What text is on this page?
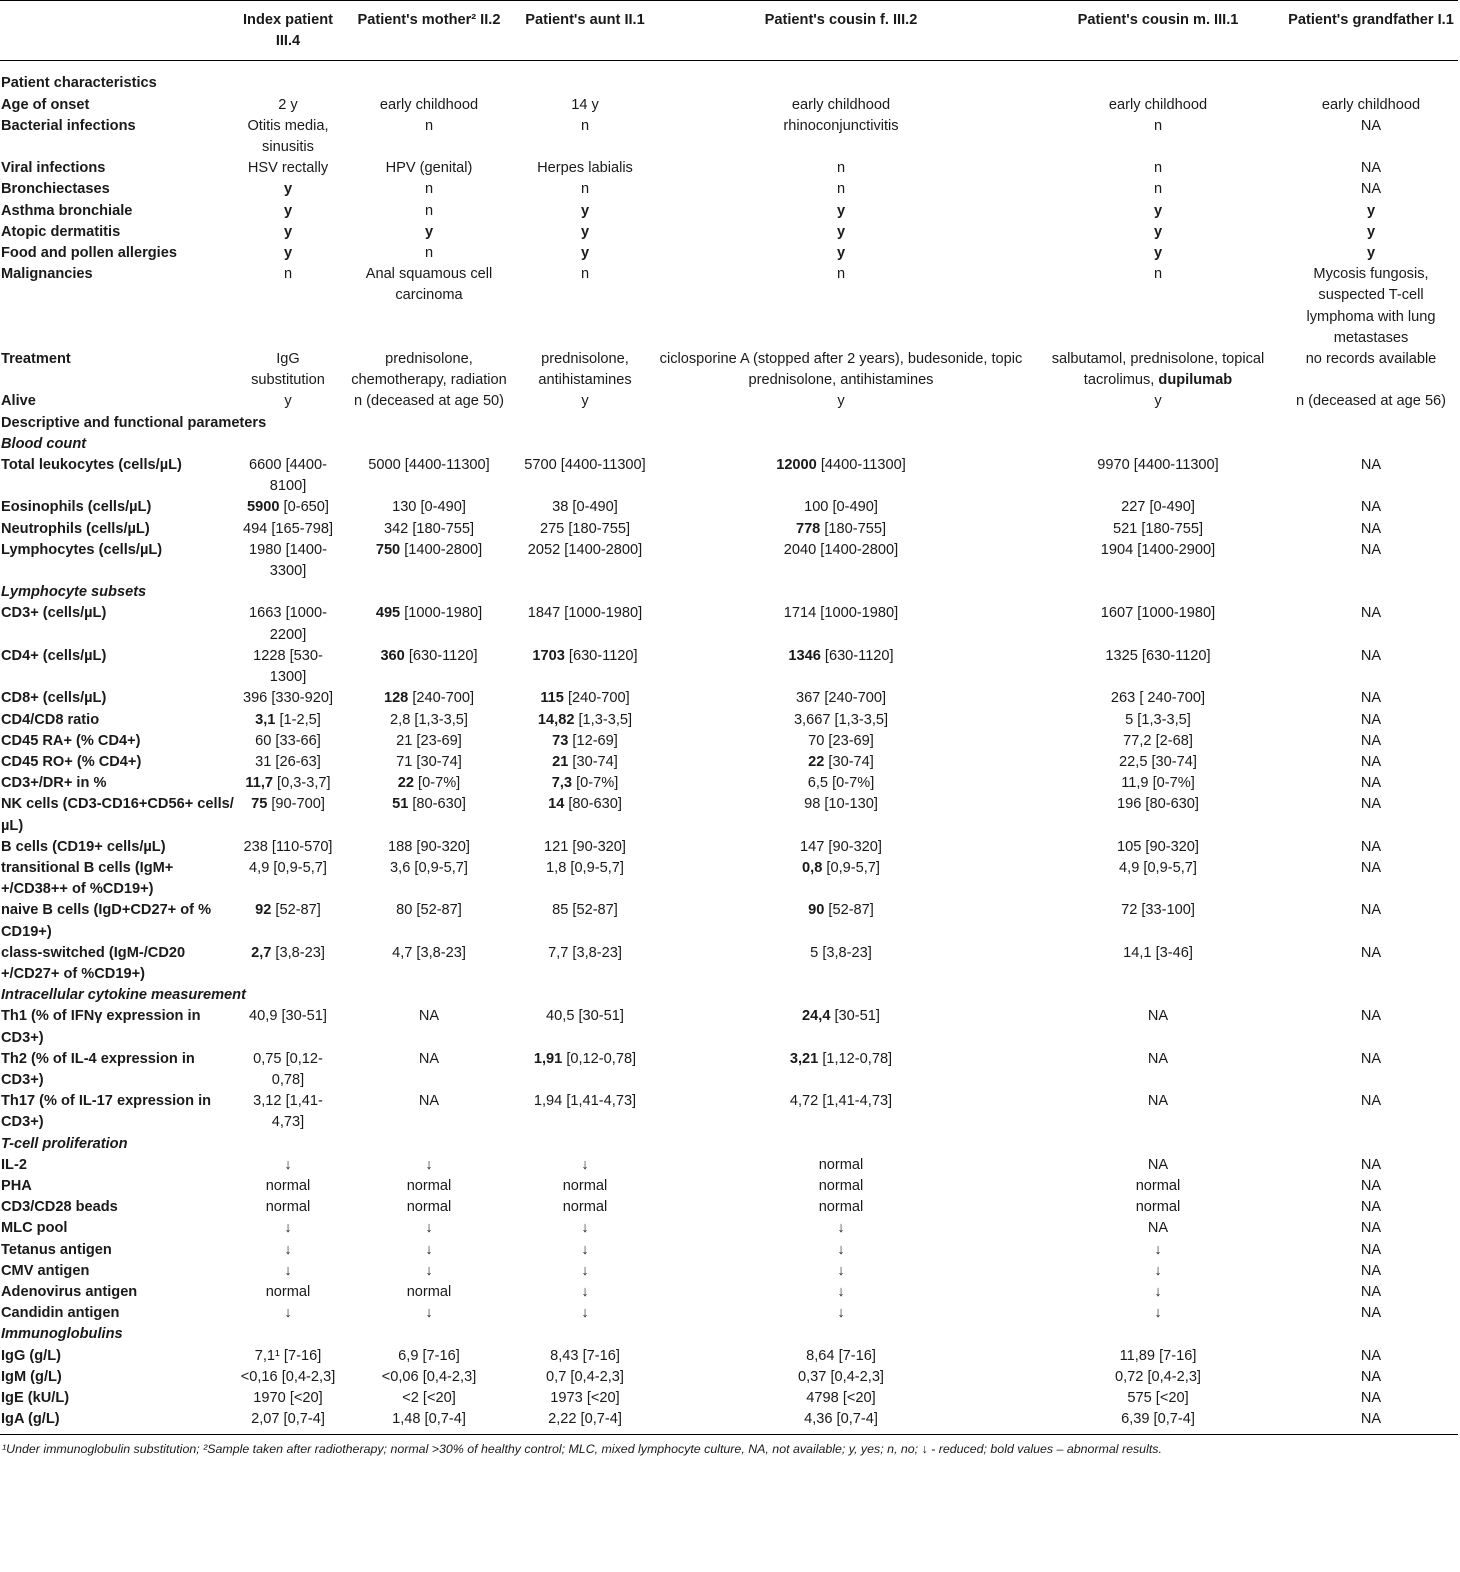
	Index patient III.4	Patient's mother² II.2	Patient's aunt II.1	Patient's cousin f. III.2	Patient's cousin m. III.1	Patient's grandfather I.1

Patient characteristics						
Age of onset	2 y	early childhood	14 y	early childhood	early childhood	early childhood
Bacterial infections	Otitis media, sinusitis	n	n	rhinoconjunctivitis	n	NA
Viral infections	HSV rectally	HPV (genital)	Herpes labialis	n	n	NA
Bronchiectases	y	n	n	n	n	NA
Asthma bronchiale	y	n	y	y	y	y
Atopic dermatitis	y	y	y	y	y	y
Food and pollen allergies	y	n	y	y	y	y
Malignancies	n	Anal squamous cell carcinoma	n	n	n	Mycosis fungosis, suspected T-cell lymphoma with lung metastases
Treatment	IgG substitution	prednisolone, chemotherapy, radiation	prednisolone, antihistamines	ciclosporine A (stopped after 2 years), budesonide, topic prednisolone, antihistamines	salbutamol, prednisolone, topical tacrolimus, dupilumab	no records available
Alive	y	n (deceased at age 50)	y	y	y	n (deceased at age 56)
Descriptive and functional parameters						
Blood count						
Total leukocytes (cells/µL)	6600 [4400-8100]	5000 [4400-11300]	5700 [4400-11300]	12000 [4400-11300]	9970 [4400-11300]	NA
Eosinophils (cells/µL)	5900 [0-650]	130 [0-490]	38 [0-490]	100 [0-490]	227 [0-490]	NA
Neutrophils (cells/µL)	494 [165-798]	342 [180-755]	275 [180-755]	778 [180-755]	521 [180-755]	NA
Lymphocytes (cells/µL)	1980 [1400-3300]	750 [1400-2800]	2052 [1400-2800]	2040 [1400-2800]	1904 [1400-2900]	NA
Lymphocyte subsets						
CD3+ (cells/µL)	1663 [1000-2200]	495 [1000-1980]	1847 [1000-1980]	1714 [1000-1980]	1607 [1000-1980]	NA
CD4+ (cells/µL)	1228 [530-1300]	360 [630-1120]	1703 [630-1120]	1346 [630-1120]	1325 [630-1120]	NA
CD8+ (cells/µL)	396 [330-920]	128 [240-700]	115 [240-700]	367 [240-700]	263 [ 240-700]	NA
CD4/CD8 ratio	3,1 [1-2,5]	2,8 [1,3-3,5]	14,82 [1,3-3,5]	3,667 [1,3-3,5]	5 [1,3-3,5]	NA
CD45 RA+ (% CD4+)	60 [33-66]	21 [23-69]	73 [12-69]	70 [23-69]	77,2 [2-68]	NA
CD45 RO+ (% CD4+)	31 [26-63]	71 [30-74]	21 [30-74]	22 [30-74]	22,5 [30-74]	NA
CD3+/DR+ in %	11,7 [0,3-3,7]	22 [0-7%]	7,3 [0-7%]	6,5 [0-7%]	11,9 [0-7%]	NA
NK cells (CD3-CD16+CD56+ cells/µL)	75 [90-700]	51 [80-630]	14 [80-630]	98 [10-130]	196 [80-630]	NA
B cells (CD19+ cells/µL)	238 [110-570]	188 [90-320]	121 [90-320]	147 [90-320]	105 [90-320]	NA
transitional B cells (IgM+ +/CD38++ of %CD19+)	4,9 [0,9-5,7]	3,6 [0,9-5,7]	1,8 [0,9-5,7]	0,8 [0,9-5,7]	4,9 [0,9-5,7]	NA
naive B cells (IgD+CD27+ of % CD19+)	92 [52-87]	80 [52-87]	85 [52-87]	90 [52-87]	72 [33-100]	NA
class-switched (IgM-/CD20 +/CD27+ of %CD19+)	2,7 [3,8-23]	4,7 [3,8-23]	7,7 [3,8-23]	5 [3,8-23]	14,1 [3-46]	NA
Intracellular cytokine measurement						
Th1 (% of IFNγ expression in CD3+)	40,9 [30-51]	NA	40,5 [30-51]	24,4 [30-51]	NA	NA
Th2 (% of IL-4 expression in CD3+)	0,75 [0,12-0,78]	NA	1,91 [0,12-0,78]	3,21 [1,12-0,78]	NA	NA
Th17 (% of IL-17 expression in CD3+)	3,12 [1,41-4,73]	NA	1,94 [1,41-4,73]	4,72 [1,41-4,73]	NA	NA
T-cell proliferation						
IL-2	↓	↓	↓	normal	NA	NA
PHA	normal	normal	normal	normal	normal	NA
CD3/CD28 beads	normal	normal	normal	normal	normal	NA
MLC pool	↓	↓	↓	↓	NA	NA
Tetanus antigen	↓	↓	↓	↓	↓	NA
CMV antigen	↓	↓	↓	↓	↓	NA
Adenovirus antigen	normal	normal	↓	↓	↓	NA
Candidin antigen	↓	↓	↓	↓	↓	NA
Immunoglobulins						
IgG (g/L)	7,1¹ [7-16]	6,9 [7-16]	8,43 [7-16]	8,64 [7-16]	11,89 [7-16]	NA
IgM (g/L)	<0,16 [0,4-2,3]	<0,06 [0,4-2,3]	0,7 [0,4-2,3]	0,37 [0,4-2,3]	0,72 [0,4-2,3]	NA
IgE (kU/L)	1970 [<20]	<2 [<20]	1973 [<20]	4798 [<20]	575 [<20]	NA
IgA (g/L)	2,07 [0,7-4]	1,48 [0,7-4]	2,22 [0,7-4]	4,36 [0,7-4]	6,39 [0,7-4]	NA
¹Under immunoglobulin substitution; ²Sample taken after radiotherapy; normal >30% of healthy control; MLC, mixed lymphocyte culture, NA, not available; y, yes; n, no; ↓ - reduced; bold values – abnormal results.
